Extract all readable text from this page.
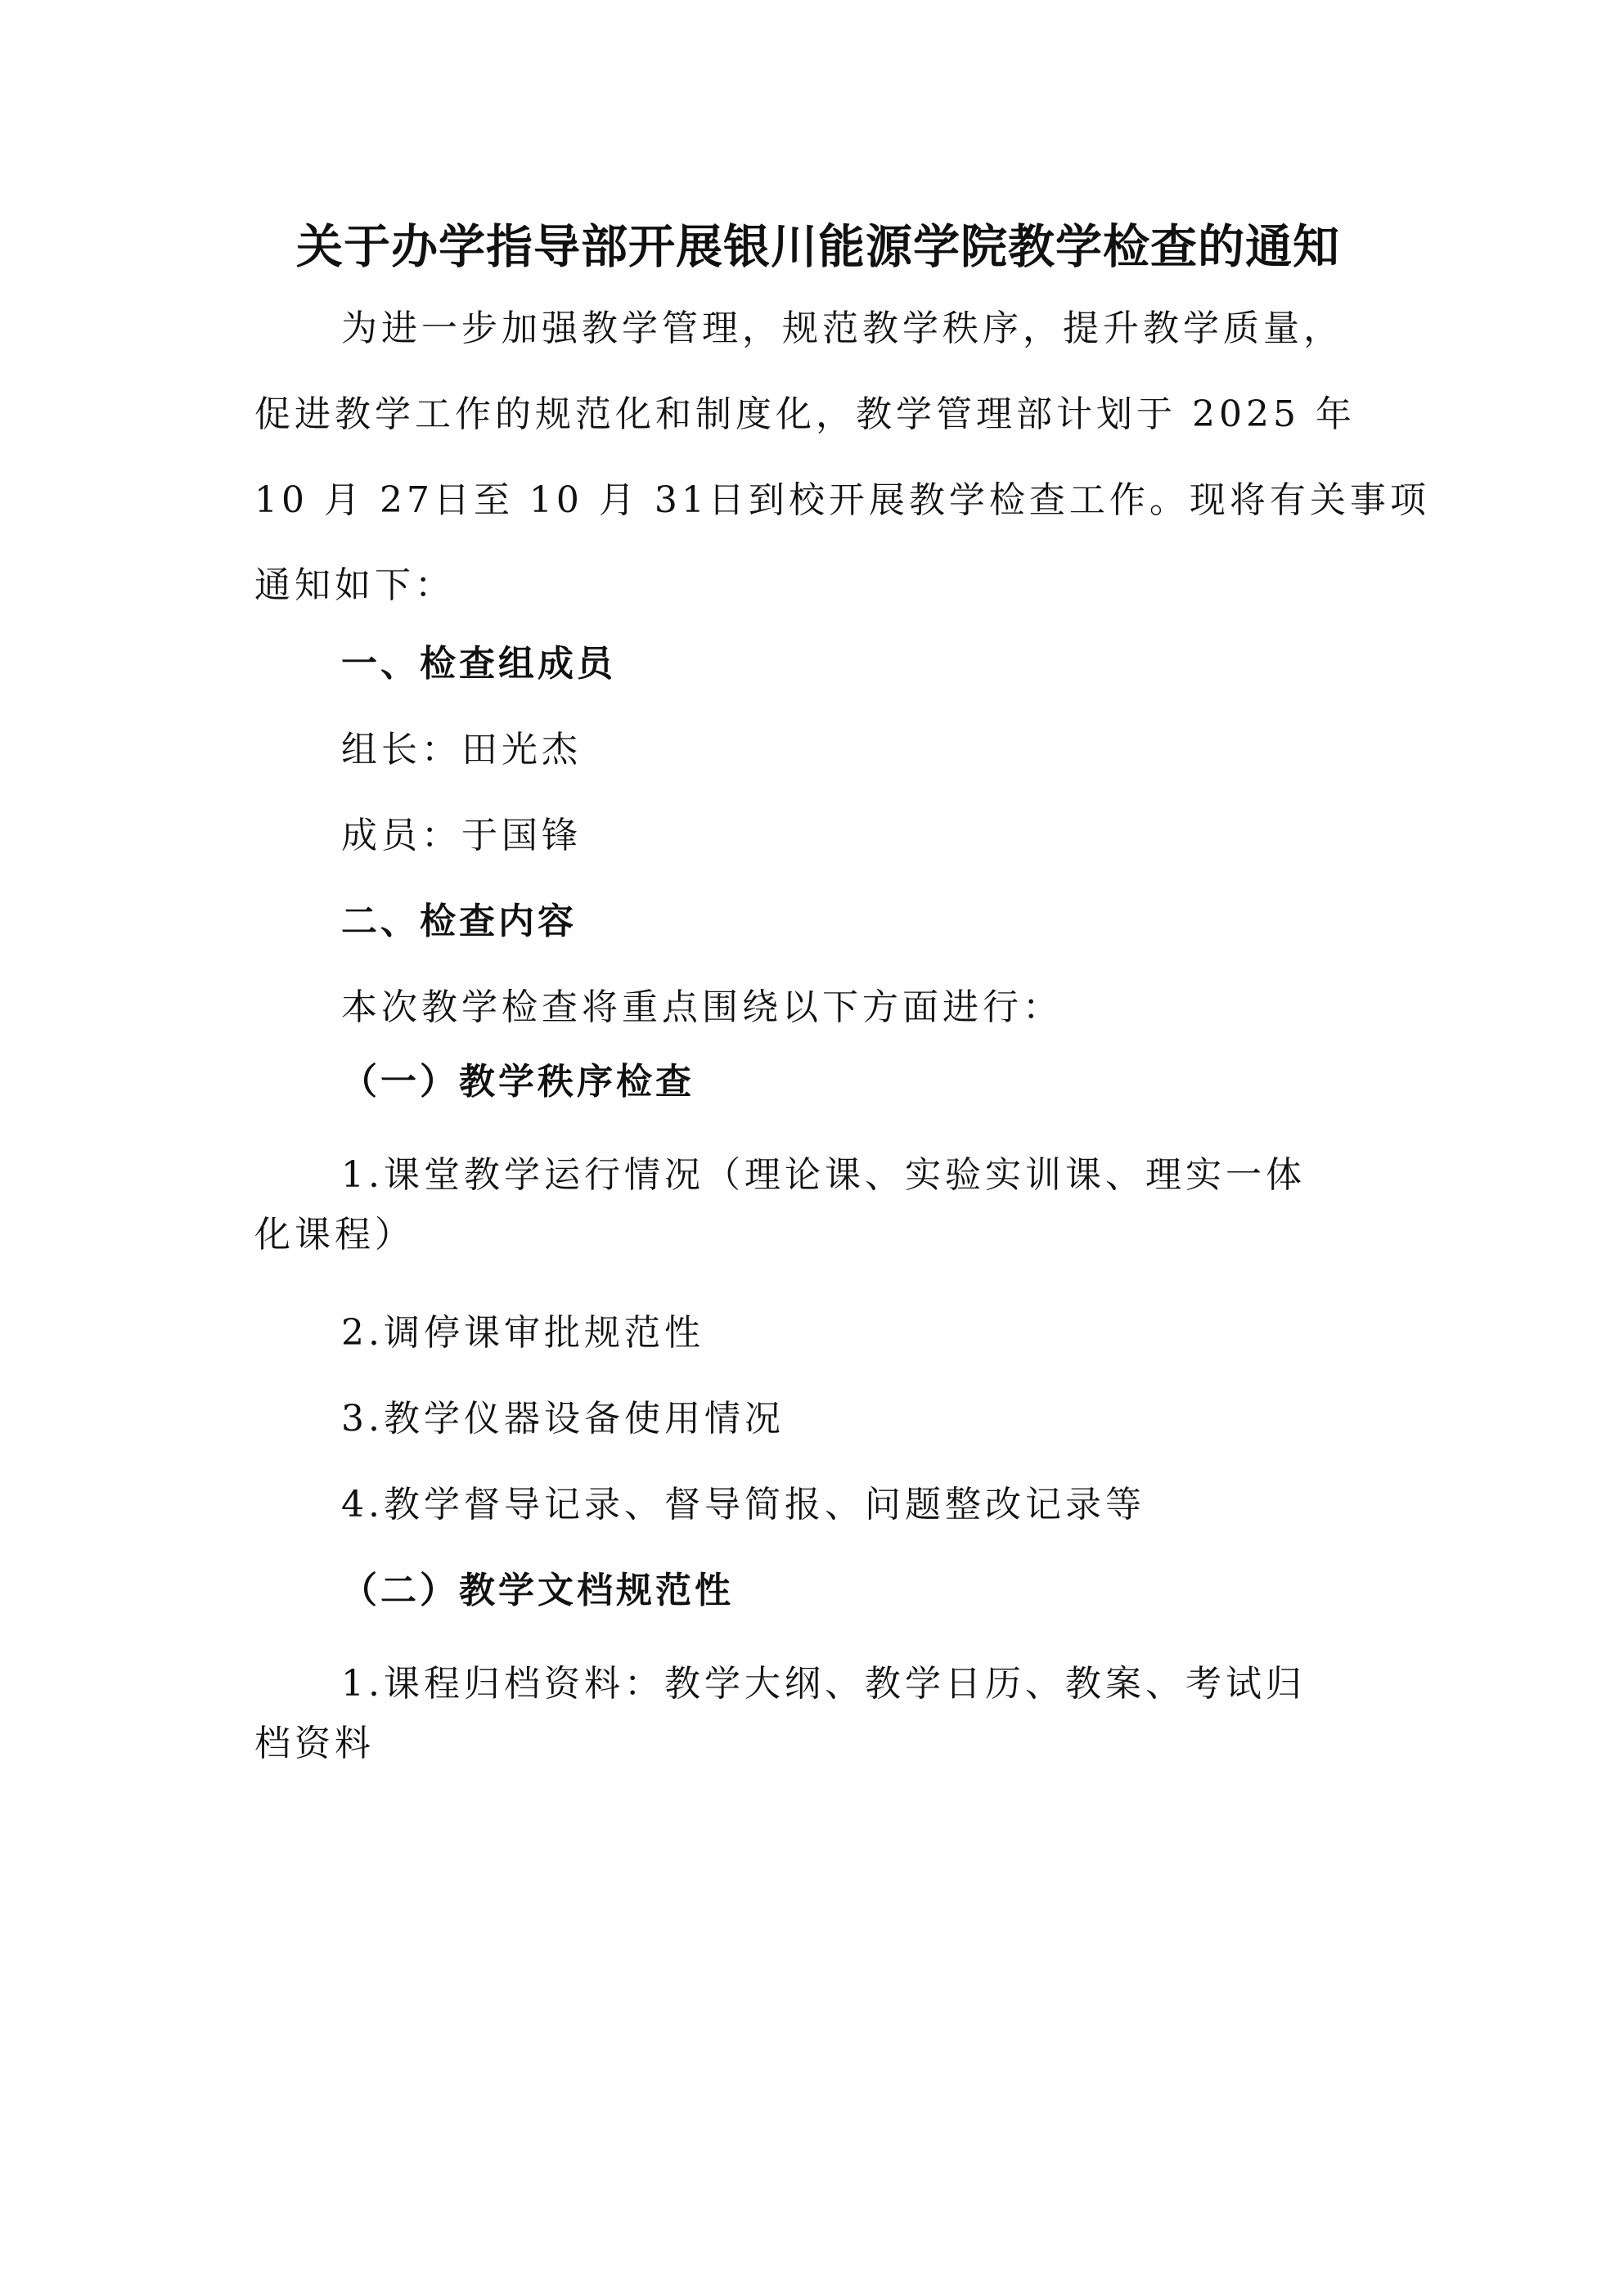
关于办学指导部开展银川能源学院教学检查的通知
为进一步加强教学管理，规范教学秩序，提升教学质量，
促进教学工作的规范化和制度化，教学管理部计划于 2025 年
10 月 27日至 10 月 31日到校开展教学检查工作。现将有关事项
通知如下：
一、检查组成员
组长：田光杰
成员：于国锋
二、检查内容
本次教学检查将重点围绕以下方面进行：
（一）教学秩序检查
1.课堂教学运行情况（理论课、实验实训课、理实一体
化课程）
2.调停课审批规范性
3.教学仪器设备使用情况
4.教学督导记录、督导简报、问题整改记录等
（二）教学文档规范性
1.课程归档资料：教学大纲、教学日历、教案、考试归
档资料
